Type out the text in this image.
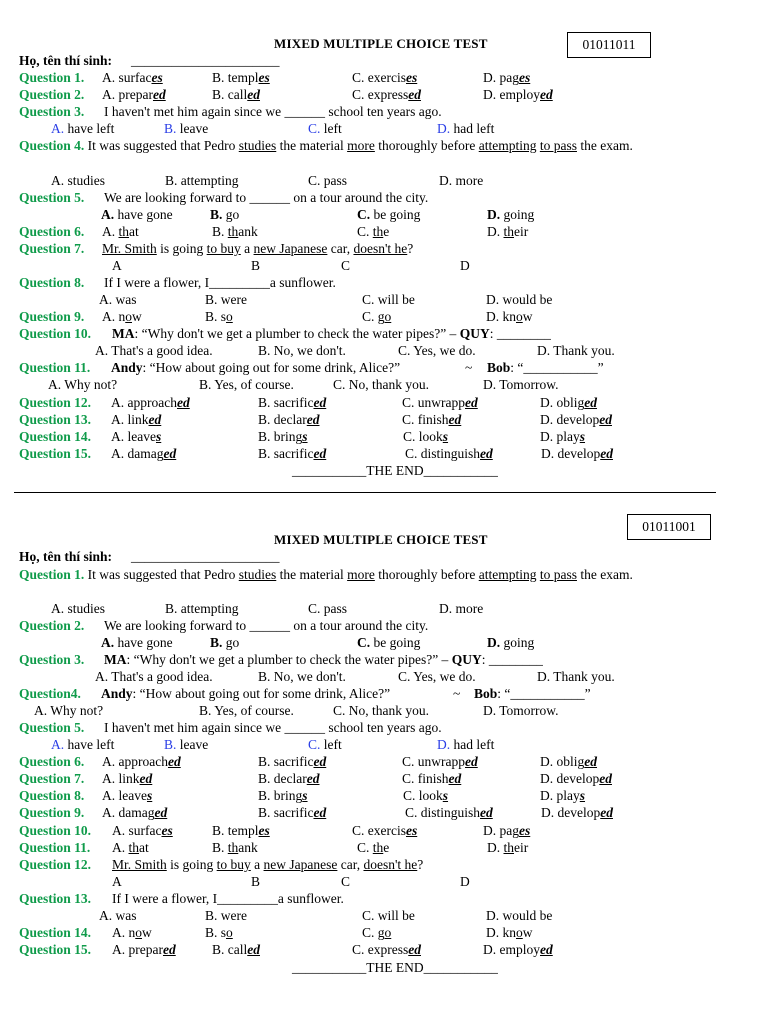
MIXED MULTIPLE CHOICE TEST	01011011
Họ, tên thí sinh: ______________________
Question 1. A. surfaces	B. temples	C. exercises	D. pages
Question 2. A. prepared	B. called	C. expressed	D. employed
Question 3. I haven't met him again since we ______ school ten years ago.
A. have left	B. leave	C. left	D. had left
Question 4. It was suggested that Pedro studies the material more thoroughly before attempting to pass the exam.
A. studies	B. attempting	C. pass	D. more
Question 5. We are looking forward to ______ on a tour around the city.
A. have gone	B. go	C. be going	D. going
Question 6. A. that	B. thank	C. the	D. their
Question 7. Mr. Smith is going to buy a new Japanese car, doesn't he?
A	B	C	D
Question 8. If I were a flower, I_________a sunflower.
A. was	B. were	C. will be	D. would be
Question 9. A. now	B. so	C. go	D. know
Question 10. MA: “Why don't we get a plumber to check the water pipes?” – QUY: ________
A. That's a good idea.	B. No, we don't.	C. Yes, we do.	D. Thank you.
Question 11. Andy: “How about going out for some drink, Alice?”	~ Bob: “___________”
A. Why not?	B. Yes, of course.	C. No, thank you.	D. Tomorrow.
Question 12. A. approached	B. sacrificed	C. unwrapped	D. obliged
Question 13. A. linked	B. declared	C. finished	D. developed
Question 14. A. leaves	B. brings	C. looks	D. plays
Question 15. A. damaged	B. sacrificed	C. distinguished	D. developed
___________THE END___________
01011001
MIXED MULTIPLE CHOICE TEST
Họ, tên thí sinh: ______________________
Question 1. It was suggested that Pedro studies the material more thoroughly before attempting to pass the exam.
A. studies	B. attempting	C. pass	D. more
Question 2. We are looking forward to ______ on a tour around the city.
A. have gone	B. go	C. be going	D. going
Question 3. MA: “Why don't we get a plumber to check the water pipes?” – QUY: ________
A. That's a good idea.	B. No, we don't.	C. Yes, we do.	D. Thank you.
Question4. Andy: “How about going out for some drink, Alice?”	~ Bob: “___________”
A. Why not?	B. Yes, of course.	C. No, thank you.	D. Tomorrow.
Question 5. I haven't met him again since we ______ school ten years ago.
A. have left	B. leave	C. left	D. had left
Question 6. A. approached	B. sacrificed	C. unwrapped	D. obliged
Question 7. A. linked	B. declared	C. finished	D. developed
Question 8. A. leaves	B. brings	C. looks	D. plays
Question 9. A. damaged	B. sacrificed	C. distinguished	D. developed
Question 10. A. surfaces	B. temples	C. exercises	D. pages
Question 11. A. that	B. thank	C. the	D. their
Question 12. Mr. Smith is going to buy a new Japanese car, doesn't he?
A	B	C	D
Question 13. If I were a flower, I_________a sunflower.
A. was	B. were	C. will be	D. would be
Question 14. A. now	B. so	C. go	D. know
Question 15. A. prepared	B. called	C. expressed	D. employed
___________THE END___________
